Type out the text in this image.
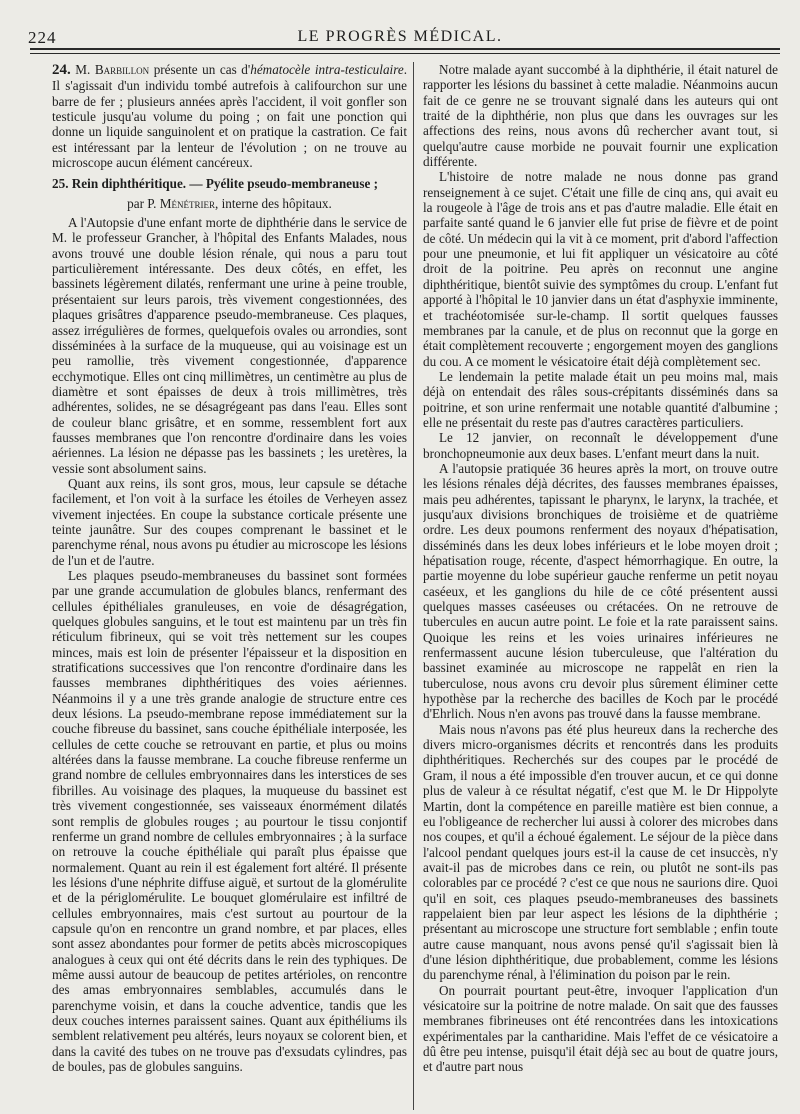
224	LE PROGRÈS MÉDICAL.

24. M. Barbillon présente un cas d'hématocèle intra-testiculaire. Il s'agissait d'un individu tombé autrefois à califourchon sur une barre de fer ; plusieurs années après l'accident, il voit gonfler son testicule jusqu'au volume du poing ; on fait une ponction qui donne un liquide sanguinolent et on pratique la castration. Ce fait est intéressant par la lenteur de l'évolution ; on ne trouve au microscope aucun élément cancéreux.

25. Rein diphthéritique. — Pyélite pseudo-membraneuse ;

par P. Ménétrier, interne des hôpitaux.

A l'Autopsie d'une enfant morte de diphthérie dans le service de M. le professeur Grancher, à l'hôpital des Enfants Malades, nous avons trouvé une double lésion rénale, qui nous a paru tout particulièrement intéressante. Des deux côtés, en effet, les bassinets légèrement dilatés, renfermant une urine à peine trouble, présentaient sur leurs parois, très vivement congestionnées, des plaques grisâtres d'apparence pseudo-membraneuse. Ces plaques, assez irrégulières de formes, quelquefois ovales ou arrondies, sont disséminées à la surface de la muqueuse, qui au voisinage est un peu ramollie, très vivement congestionnée, d'apparence ecchymotique. Elles ont cinq millimètres, un centimètre au plus de diamètre et sont épaisses de deux à trois millimètres, très adhérentes, solides, ne se désagrégeant pas dans l'eau. Elles sont de couleur blanc grisâtre, et en somme, ressemblent fort aux fausses membranes que l'on rencontre d'ordinaire dans les voies aériennes. La lésion ne dépasse pas les bassinets ; les uretères, la vessie sont absolument sains.

Quant aux reins, ils sont gros, mous, leur capsule se détache facilement, et l'on voit à la surface les étoiles de Verheyen assez vivement injectées. En coupe la substance corticale présente une teinte jaunâtre. Sur des coupes comprenant le bassinet et le parenchyme rénal, nous avons pu étudier au microscope les lésions de l'un et de l'autre.

Les plaques pseudo-membraneuses du bassinet sont formées par une grande accumulation de globules blancs, renfermant des cellules épithéliales granuleuses, en voie de désagrégation, quelques globules sanguins, et le tout est maintenu par un très fin réticulum fibrineux, qui se voit très nettement sur les coupes minces, mais est loin de présenter l'épaisseur et la disposition en stratifications successives que l'on rencontre d'ordinaire dans les fausses membranes diphthéritiques des voies aériennes. Néanmoins il y a une très grande analogie de structure entre ces deux lésions. La pseudo-membrane repose immédiatement sur la couche fibreuse du bassinet, sans couche épithéliale interposée, les cellules de cette couche se retrouvant en partie, et plus ou moins altérées dans la fausse membrane. La couche fibreuse renferme un grand nombre de cellules embryonnaires dans les interstices de ses fibrilles. Au voisinage des plaques, la muqueuse du bassinet est très vivement congestionnée, ses vaisseaux énormément dilatés sont remplis de globules rouges ; au pourtour le tissu conjontif renferme un grand nombre de cellules embryonnaires ; à la surface on retrouve la couche épithéliale qui paraît plus épaisse que normalement. Quant au rein il est également fort altéré. Il présente les lésions d'une néphrite diffuse aiguë, et surtout de la glomérulite et de la périglomérulite. Le bouquet glomérulaire est infiltré de cellules embryonnaires, mais c'est surtout au pourtour de la capsule qu'on en rencontre un grand nombre, et par places, elles sont assez abondantes pour former de petits abcès microscopiques analogues à ceux qui ont été décrits dans le rein des typhiques. De même aussi autour de beaucoup de petites artérioles, on rencontre des amas embryonnaires semblables, accumulés dans le parenchyme voisin, et dans la couche adventice, tandis que les deux couches internes paraissent saines. Quant aux épithéliums ils semblent relativement peu altérés, leurs noyaux se colorent bien, et dans la cavité des tubes on ne trouve pas d'exsudats cylindres, pas de boules, pas de globules sanguins.

Notre malade ayant succombé à la diphthérie, il était naturel de rapporter les lésions du bassinet à cette maladie. Néanmoins aucun fait de ce genre ne se trouvant signalé dans les auteurs qui ont traité de la diphthérie, non plus que dans les ouvrages sur les affections des reins, nous avons dû rechercher avant tout, si quelqu'autre cause morbide ne pouvait fournir une explication différente.

L'histoire de notre malade ne nous donne pas grand renseignement à ce sujet. C'était une fille de cinq ans, qui avait eu la rougeole à l'âge de trois ans et pas d'autre maladie. Elle était en parfaite santé quand le 6 janvier elle fut prise de fièvre et de point de côté. Un médecin qui la vit à ce moment, prit d'abord l'affection pour une pneumonie, et lui fit appliquer un vésicatoire au côté droit de la poitrine. Peu après on reconnut une angine diphthéritique, bientôt suivie des symptômes du croup. L'enfant fut apporté à l'hôpital le 10 janvier dans un état d'asphyxie imminente, et trachéotomisée sur-le-champ. Il sortit quelques fausses membranes par la canule, et de plus on reconnut que la gorge en était complètement recouverte ; engorgement moyen des ganglions du cou. A ce moment le vésicatoire était déjà complètement sec.

Le lendemain la petite malade était un peu moins mal, mais déjà on entendait des râles sous-crépitants disséminés dans sa poitrine, et son urine renfermait une notable quantité d'albumine ; elle ne présentait du reste pas d'autres caractères particuliers.

Le 12 janvier, on reconnaît le développement d'une bronchopneumonie aux deux bases. L'enfant meurt dans la nuit.

A l'autopsie pratiquée 36 heures après la mort, on trouve outre les lésions rénales déjà décrites, des fausses membranes épaisses, mais peu adhérentes, tapissant le pharynx, le larynx, la trachée, et jusqu'aux divisions bronchiques de troisième et de quatrième ordre. Les deux poumons renferment des noyaux d'hépatisation, disséminés dans les deux lobes inférieurs et le lobe moyen droit ; hépatisation rouge, récente, d'aspect hémorrhagique. En outre, la partie moyenne du lobe supérieur gauche renferme un petit noyau caséeux, et les ganglions du hile de ce côté présentent aussi quelques masses caséeuses ou crétacées. On ne retrouve de tubercules en aucun autre point. Le foie et la rate paraissent sains. Quoique les reins et les voies urinaires inférieures ne renfermassent aucune lésion tuberculeuse, que l'altération du bassinet examinée au microscope ne rappelât en rien la tuberculose, nous avons cru devoir plus sûrement éliminer cette hypothèse par la recherche des bacilles de Koch par le procédé d'Ehrlich. Nous n'en avons pas trouvé dans la fausse membrane.

Mais nous n'avons pas été plus heureux dans la recherche des divers micro-organismes décrits et rencontrés dans les produits diphthéritiques. Recherchés sur des coupes par le procédé de Gram, il nous a été impossible d'en trouver aucun, et ce qui donne plus de valeur à ce résultat négatif, c'est que M. le Dr Hippolyte Martin, dont la compétence en pareille matière est bien connue, a eu l'obligeance de rechercher lui aussi à colorer des microbes dans nos coupes, et qu'il a échoué également. Le séjour de la pièce dans l'alcool pendant quelques jours est-il la cause de cet insuccès, n'y avait-il pas de microbes dans ce rein, ou plutôt ne sont-ils pas colorables par ce procédé ? c'est ce que nous ne saurions dire. Quoi qu'il en soit, ces plaques pseudo-membraneuses des bassinets rappelaient bien par leur aspect les lésions de la diphthérie ; présentant au microscope une structure fort semblable ; enfin toute autre cause manquant, nous avons pensé qu'il s'agissait bien là d'une lésion diphthéritique, due probablement, comme les lésions du parenchyme rénal, à l'élimination du poison par le rein.

On pourrait pourtant peut-être, invoquer l'application d'un vésicatoire sur la poitrine de notre malade. On sait que des fausses membranes fibrineuses ont été rencontrées dans les intoxications expérimentales par la cantharidine. Mais l'effet de ce vésicatoire a dû être peu intense, puisqu'il était déjà sec au bout de quatre jours, et d'autre part nous
